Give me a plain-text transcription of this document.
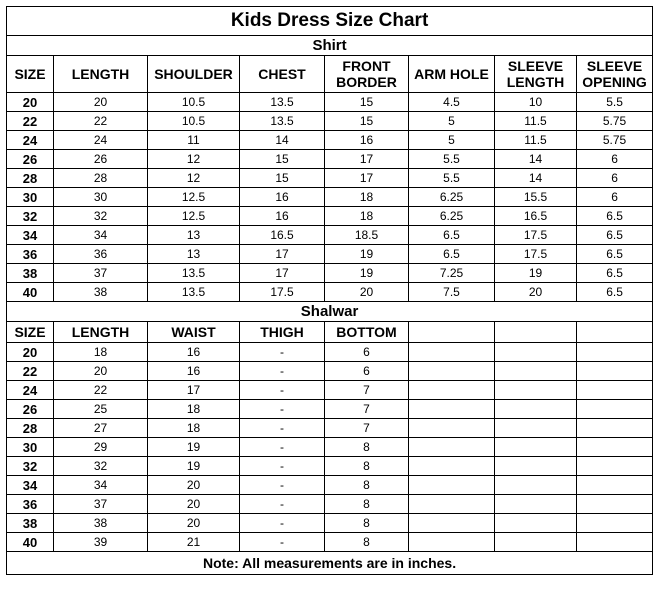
Kids Dress Size Chart							
Shirt							
SIZE	LENGTH	SHOULDER	CHEST	FRONT BORDER	ARM HOLE	SLEEVE LENGTH	SLEEVE OPENING
20	20	10.5	13.5	15	4.5	10	5.5
22	22	10.5	13.5	15	5	11.5	5.75
24	24	11	14	16	5	11.5	5.75
26	26	12	15	17	5.5	14	6
28	28	12	15	17	5.5	14	6
30	30	12.5	16	18	6.25	15.5	6
32	32	12.5	16	18	6.25	16.5	6.5
34	34	13	16.5	18.5	6.5	17.5	6.5
36	36	13	17	19	6.5	17.5	6.5
38	37	13.5	17	19	7.25	19	6.5
40	38	13.5	17.5	20	7.5	20	6.5
Shalwar							
SIZE	LENGTH	WAIST	THIGH	BOTTOM			
20	18	16	-	6			
22	20	16	-	6			
24	22	17	-	7			
26	25	18	-	7			
28	27	18	-	7			
30	29	19	-	8			
32	32	19	-	8			
34	34	20	-	8			
36	37	20	-	8			
38	38	20	-	8			
40	39	21	-	8			
Note: All measurements are in inches.							
